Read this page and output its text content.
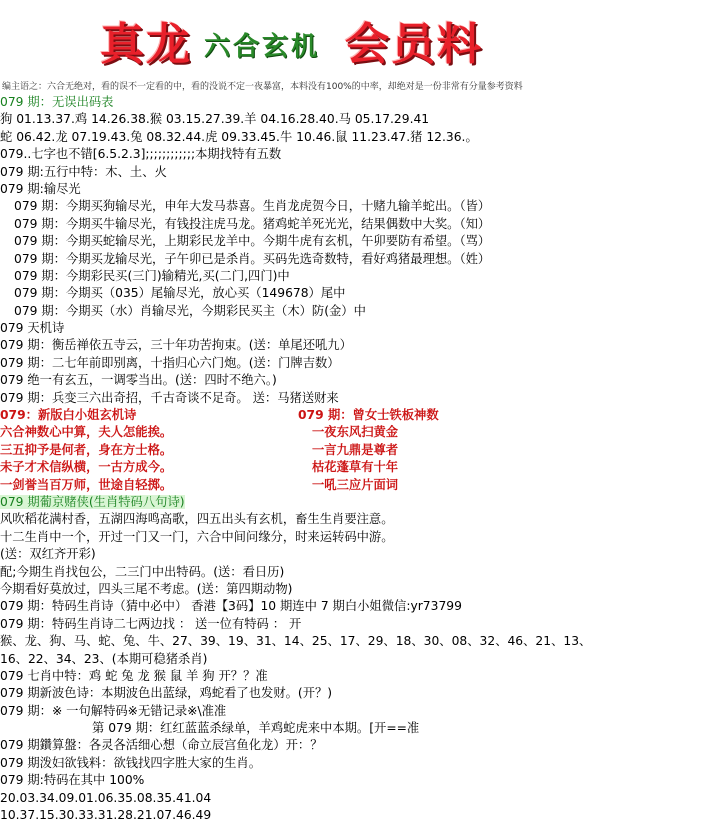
真龙 六合玄机 会员料
编主语之：六合无绝对，看的误不一定看的中，看的没说不定一夜暴富，本料没有100%的中率，却绝对是一份非常有分量参考资料
079 期：无误出码表
狗 01.13.37.鸡 14.26.38.猴 03.15.27.39.羊 04.16.28.40.马 05.17.29.41
蛇 06.42.龙 07.19.43.兔 08.32.44.虎 09.33.45.牛 10.46.鼠 11.23.47.猪 12.36.。
079..七字也不错[6.5.2.3];;;;;;;;;;;;本期找特有五数
079 期:五行中特：木、土、火
079 期:输尽光
079 期：今期买狗输尽光，申年大发马恭喜。生肖龙虎贺今日，十赌九输羊蛇出。（皆）
079 期：今期买牛输尽光，有钱投注虎马龙。猪鸡蛇羊死光光，结果偶数中大奖。（知）
079 期：今期买蛇输尽光，上期彩民龙羊中。今期牛虎有玄机，午卯要防有希望。（骂）
079 期：今期买龙输尽光，子午卯已是杀肖。买码先选奇数特，看好鸡猪最理想。（姓）
079 期：今期彩民买(三门)输精光,买(二门,四门)中
079 期：今期买（035）尾输尽光，放心买（149678）尾中
079 期：今期买（水）肖输尽光，今期彩民买主（木）防(金）中
079 天机诗
079 期：衡岳禅依五寺云，三十年功苦拘束。(送：单尾还吼九）
079 期：二七年前即别离，十指归心六门炮。(送：门牌吉数）
079 绝一有玄五，一调零当出。(送：四时不绝六。)
079 期：兵变三六出奇招，千古奇谈不足奇。 送：马猪送财来
079：新版白小姐玄机诗	079 期：曾女士铁板神数
六合神数心中算，夫人怎能挨。	一夜东风扫黄金
三五抑予是何者，身在方士格。	一言九鼎是尊者
未子才术信纵横，一古方成今。	枯花蓬草有十年
一剑誉当百万师，世途自轻掷。	一吼三应片面词
079 期葡京赌侠(生肖特码八句诗)
风吹稻花满村香，五湖四海鸣高歌，四五出头有玄机，畜生生肖要注意。
十二生肖中一个，开过一门又一门，六合中间问缘分，时来运转码中游。
(送：双红齐开彩)
配;今期生肖找包公，二三门中出特码。(送：看日历)
今期看好莫放过，四头三尾不考虑。(送：第四期动物)
079 期：特码生肖诗（猜中必中） 香港【3码】10 期连中 7 期白小姐微信:yr73799
079 期：特码生肖诗二七两边找 ： 送一位有特码 ： 开
猴、龙、狗、马、蛇、兔、牛、27、39、19、31、14、25、17、29、18、30、08、32、46、21、13、
16、22、34、23、(本期可稳猪杀肖)
079 七肖中特：鸡 蛇 兔 龙 猴 鼠 羊 狗 开？？准
079 期新波色诗：本期波色出蓝绿，鸡蛇看了也发财。(开？)
079 期：※ 一句解特码※无错记录※\准准
第 079 期：红红蓝蓝杀绿单，羊鸡蛇虎来中本期。[开==准
079 期鑽算盤：各灵各活细心想（命立辰宫鱼化龙）开：？
079 期泼妇欲钱料：欲钱找四字胜大家的生肖。
079 期:特码在其中 100%
20.03.34.09.01.06.35.08.35.41.04
10.37.15.30.33.31.28.21.07.46.49
